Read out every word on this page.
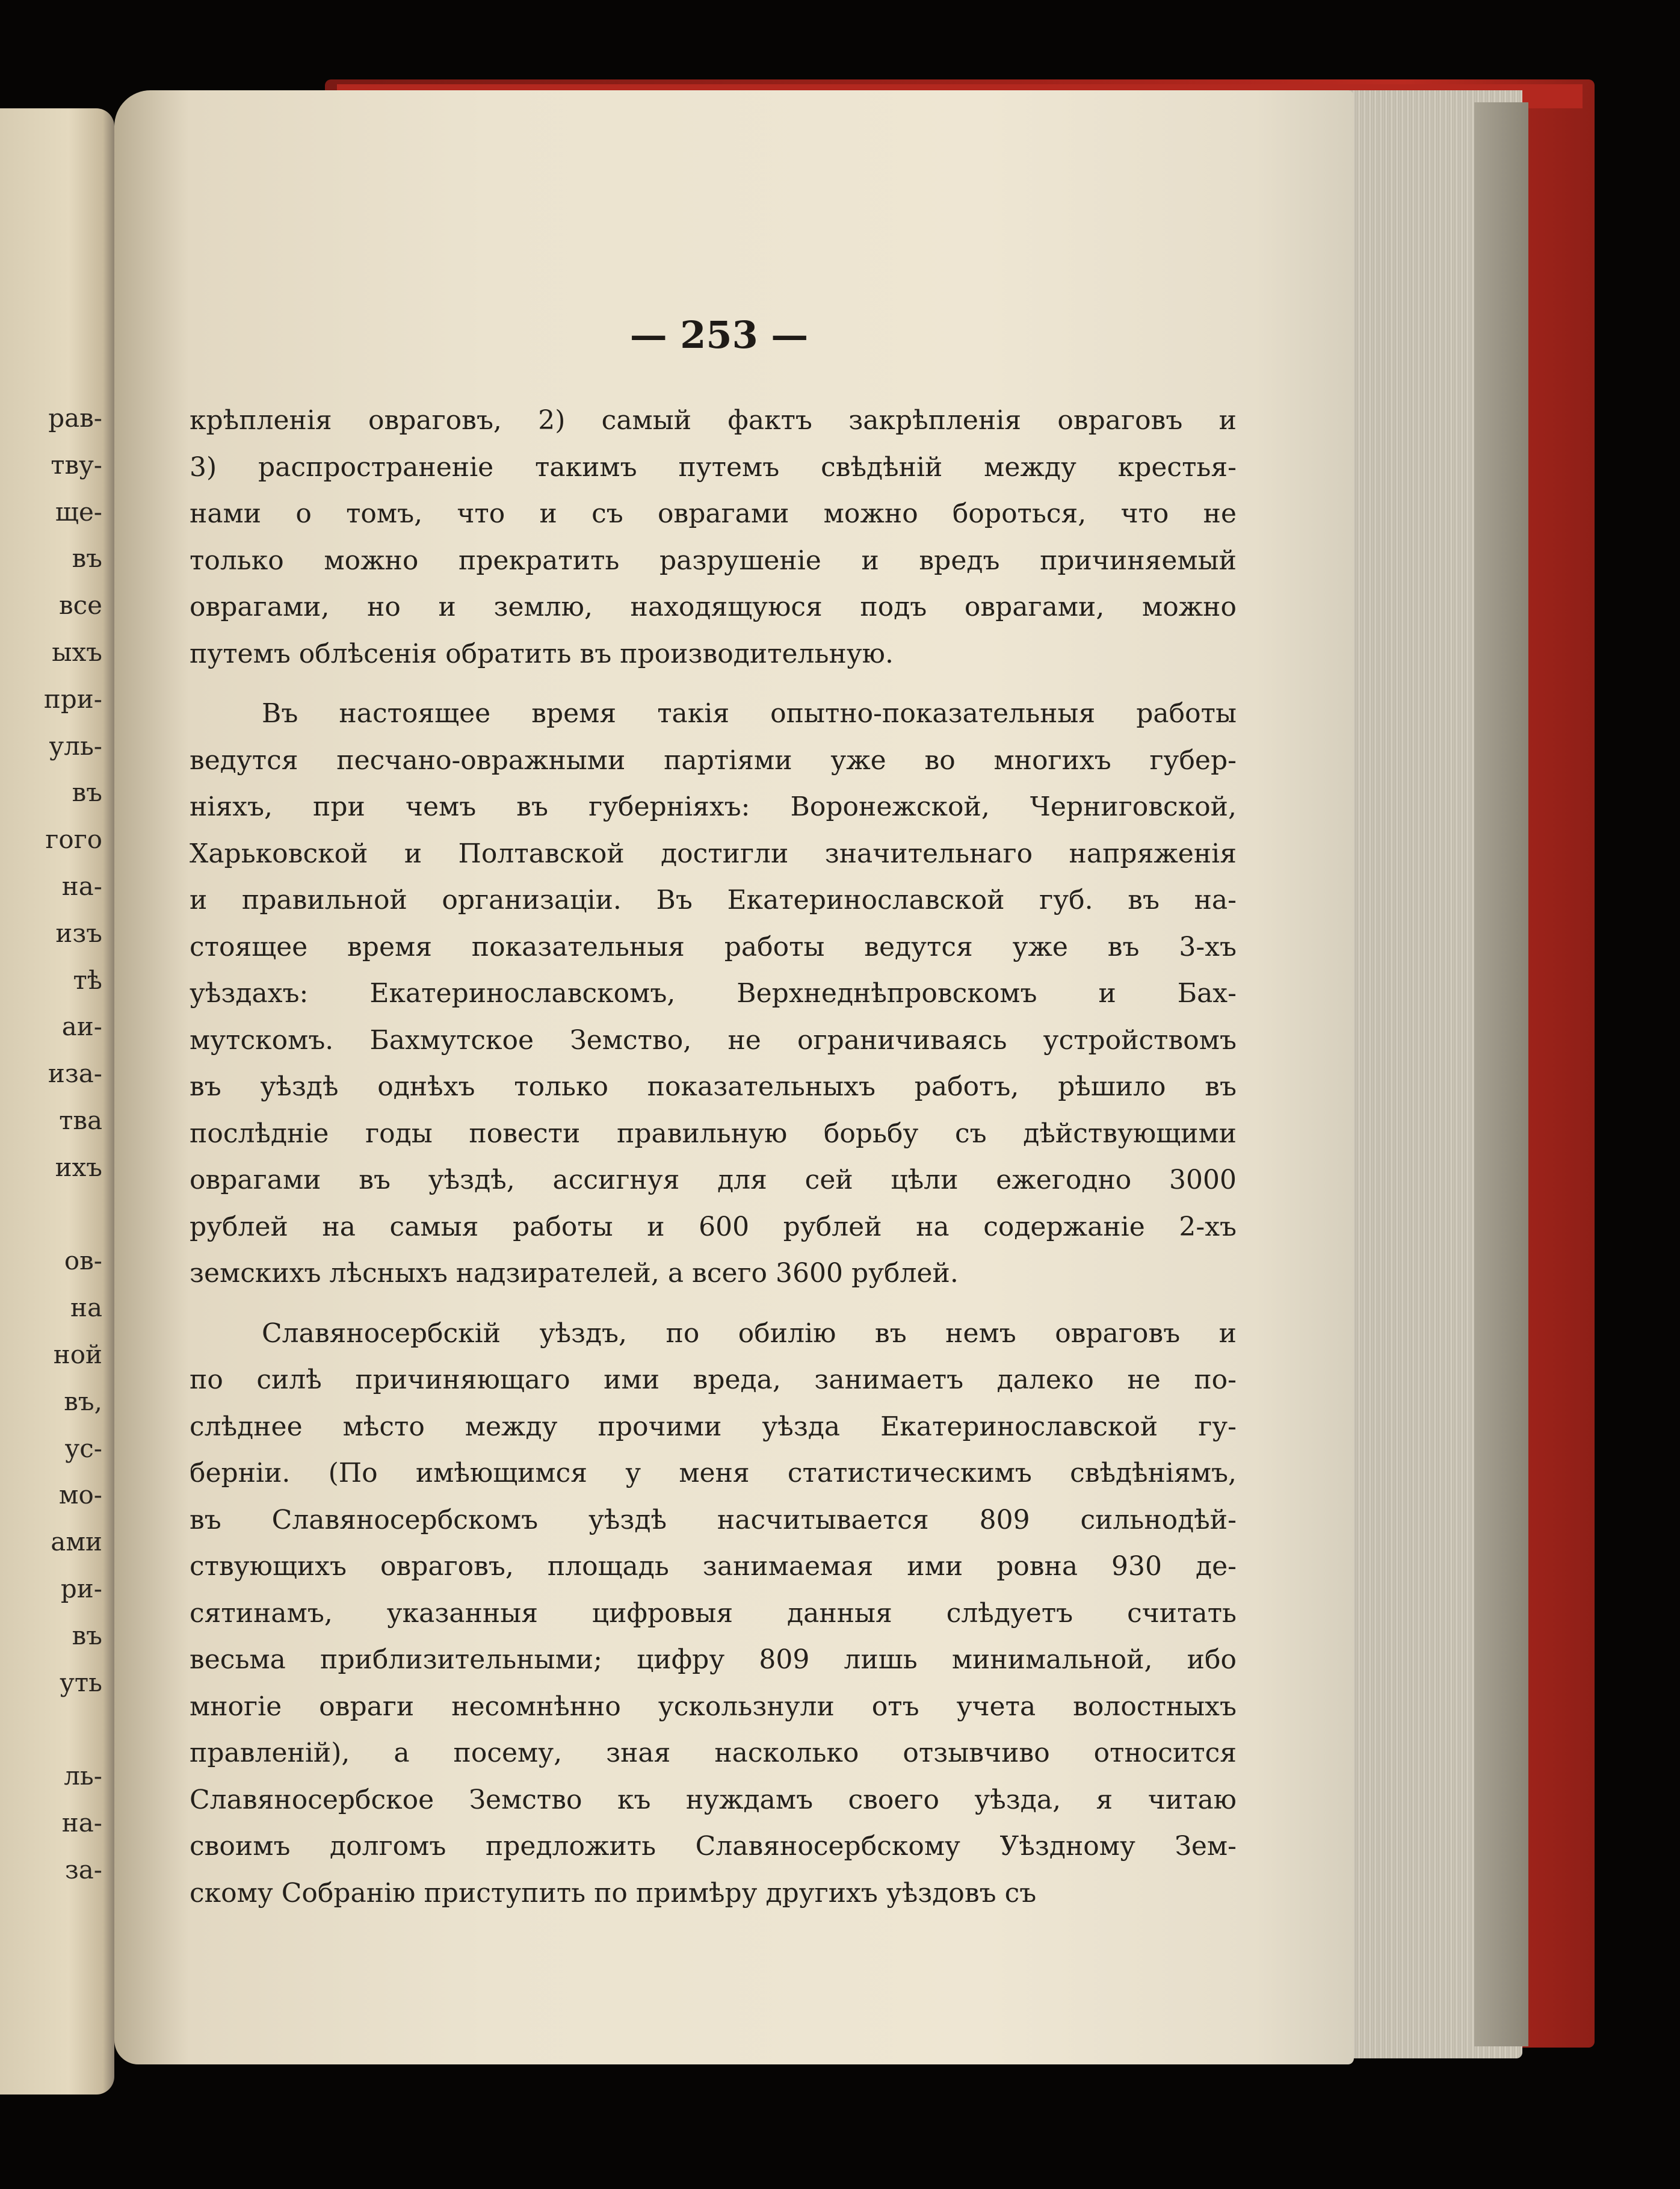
рав-
тву-
ще-
въ
все
ыхъ
при-
уль-
въ
гого
на-
изъ
тѣ
аи-
иза-
тва
ихъ
ов-
на
ной
въ,
ус-
мо-
ами
ри-
въ
уть
ль-
на-
за-
— 253 —
крѣпленія овраговъ, 2) самый фактъ закрѣпленія овраговъ и
3) распространеніе такимъ путемъ свѣдѣній между крестья-
нами о томъ, что и съ оврагами можно бороться, что не
только можно прекратить разрушеніе и вредъ причиняемый
оврагами, но и землю, находящуюся подъ оврагами, можно
путемъ облѣсенія обратить въ производительную.
Въ настоящее время такія опытно-показательныя работы
ведутся песчано-овражными партіями уже во многихъ губер-
ніяхъ, при чемъ въ губерніяхъ: Воронежской, Черниговской,
Харьковской и Полтавской достигли значительнаго напряженія
и правильной организаціи. Въ Екатеринославской губ. въ на-
стоящее время показательныя работы ведутся уже въ 3-хъ
уѣздахъ: Екатеринославскомъ, Верхнеднѣпровскомъ и Бах-
мутскомъ. Бахмутское Земство, не ограничиваясь устройствомъ
въ уѣздѣ однѣхъ только показательныхъ работъ, рѣшило въ
послѣдніе годы повести правильную борьбу съ дѣйствующими
оврагами въ уѣздѣ, ассигнуя для сей цѣли ежегодно 3000
рублей на самыя работы и 600 рублей на содержаніе 2-хъ
земскихъ лѣсныхъ надзирателей, а всего 3600 рублей.
Славяносербскій уѣздъ, по обилію въ немъ овраговъ и
по силѣ причиняющаго ими вреда, занимаетъ далеко не по-
слѣднее мѣсто между прочими уѣзда Екатеринославской гу-
берніи. (По имѣющимся у меня статистическимъ свѣдѣніямъ,
въ Славяносербскомъ уѣздѣ насчитывается 809 сильнодѣй-
ствующихъ овраговъ, площадь занимаемая ими ровна 930 де-
сятинамъ, указанныя цифровыя данныя слѣдуетъ считать
весьма приблизительными; цифру 809 лишь минимальной, ибо
многіе овраги несомнѣнно ускользнули отъ учета волостныхъ
правленій), а посему, зная насколько отзывчиво относится
Славяносербское Земство къ нуждамъ своего уѣзда, я читаю
своимъ долгомъ предложить Славяносербскому Уѣздному Зем-
скому Собранію приступить по примѣру другихъ уѣздовъ съ
